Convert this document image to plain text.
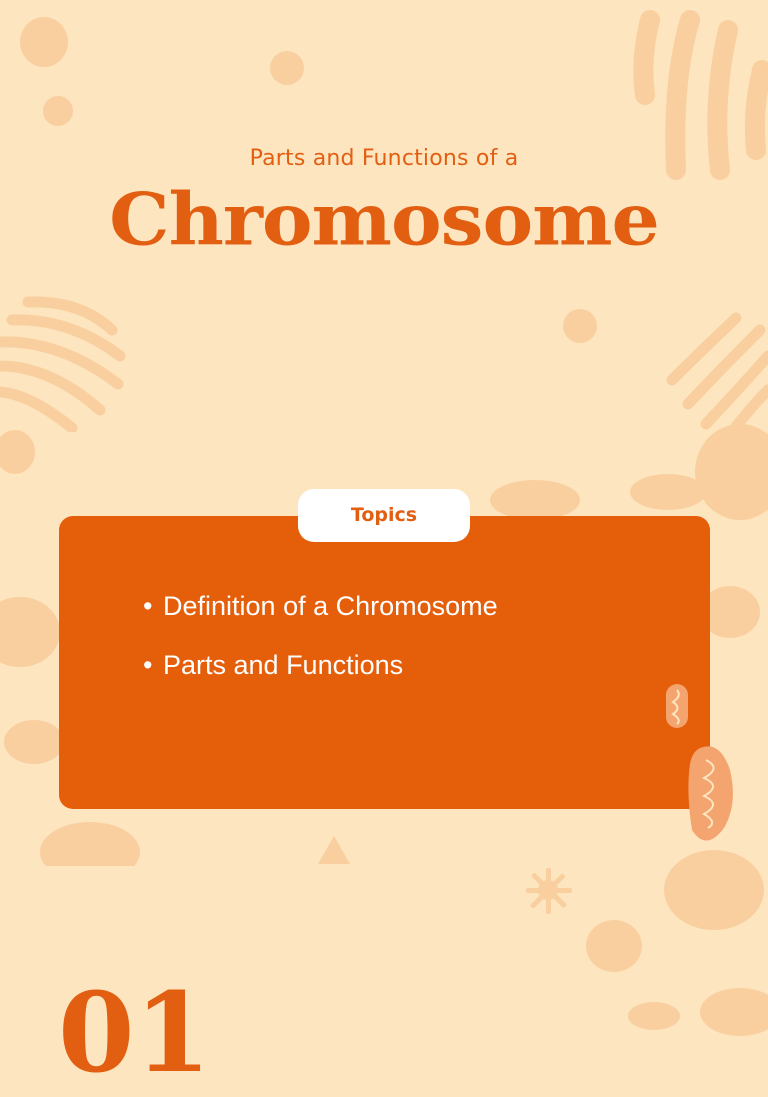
Parts and Functions of a
Chromosome
Topics
• Definition of a Chromosome
• Parts and Functions
01
